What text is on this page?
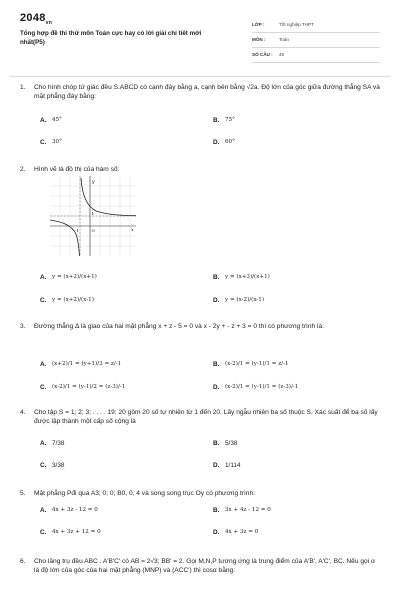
$2048_{vn}$
Tổng hợp đề thi thử môn Toán cực hay có lời giải chi tiết mới nhất(P5)
LỚP :	Tốt nghiệp THPT
MÔN :	Toán
SỐ CÂU : 49
1. Cho hình chóp tứ giác đều S.ABCD có cạnh đáy bằng a, cạnh bên bằng √2a. Độ lớn của góc giữa đường thẳng SA và mặt phẳng đáy bằng:
A. 45°	B. 75°
C. 30°	D. 60°
2. Hình vẽ là đồ thị của hàm số:
y
x
O
-1
1
A. y = (x+2)/(x+1)	B. y = (x+3)/(x+1)
C. y = (x+2)/(x-1)	D. y = (x-2)/(x-1)
3. Đường thẳng Δ là giao của hai mặt phẳng x + z - 5 = 0 và x - 2y + - z + 3 = 0 thì có phương trình là:
A. (x+2)/1 = (y+1)/3 = z/-1	B. (x-2)/1 = (y-1)/1 = z/-1
C. (x-2)/1 = (y-1)/2 = (z-3)/-1	D. (x-2)/1 = (y-1)/1 = (z-3)/-1
4. Cho tập S = 1; 2; 3; . . . . 19; 20 gồm 20 số tự nhiên từ 1 đến 20. Lấy ngẫu nhiên ba số thuộc S. Xác suất để ba số lấy được lập thành một cấp số cộng là
A. 7/38	B. 5/38
C. 3/38	D. 1/114
5. Mặt phẳng Pđi qua A3; 0; 0; B0, 0, 4 và song song trục Oy có phương trình:
A. 4x + 3z - 12 = 0	B. 3x + 4z - 12 = 0
C. 4x + 3z + 12 = 0	D. 4x + 3z = 0
6. Cho lăng trụ đều ABC . A′B′C′ có AB = 2√3; BB′ = 2. Gọi M,N,P tương ứng là trung điểm của A′B′, A′C′, BC. Nếu gọi α là độ lớn của góc của hai mặt phẳng (MNP) và (ACC′) thì cosα bằng:
